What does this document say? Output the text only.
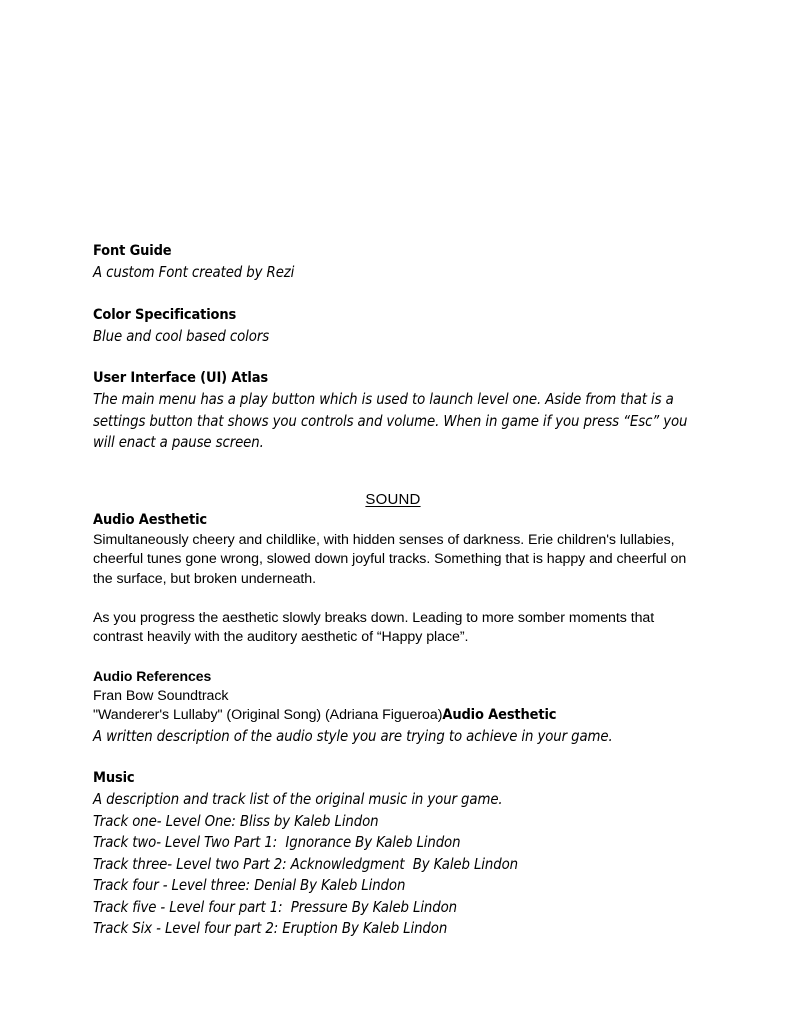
Font Guide

A custom Font created by Rezi

Color Specifications

Blue and cool based colors

User Interface (UI) Atlas

The main menu has a play button which is used to launch level one. Aside from that is a settings button that shows you controls and volume. When in game if you press “Esc” you will enact a pause screen.

SOUND

Audio Aesthetic

Simultaneously cheery and childlike, with hidden senses of darkness. Erie children's lullabies, cheerful tunes gone wrong, slowed down joyful tracks. Something that is happy and cheerful on the surface, but broken underneath.

As you progress the aesthetic slowly breaks down. Leading to more somber moments that contrast heavily with the auditory aesthetic of “Happy place”.

Audio References

Fran Bow Soundtrack

"Wanderer's Lullaby" (Original Song) (Adriana Figueroa)Audio Aesthetic

A written description of the audio style you are trying to achieve in your game.

Music

A description and track list of the original music in your game.

Track one- Level One: Bliss by Kaleb Lindon

Track two- Level Two Part 1:  Ignorance By Kaleb Lindon

Track three- Level two Part 2: Acknowledgment  By Kaleb Lindon

Track four - Level three: Denial By Kaleb Lindon

Track five - Level four part 1:  Pressure By Kaleb Lindon

Track Six - Level four part 2: Eruption By Kaleb Lindon
